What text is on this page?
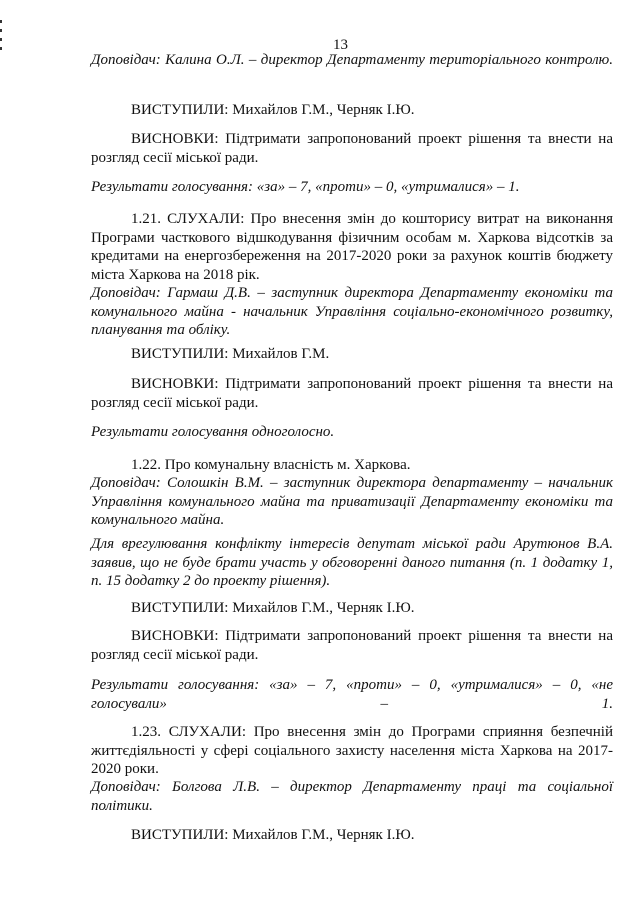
13

Доповідач: Калина О.Л. – директор Департаменту територіального контролю.

ВИСТУПИЛИ: Михайлов Г.М., Черняк І.Ю.

ВИСНОВКИ: Підтримати запропонований проект рішення та внести на розгляд сесії міської ради.

Результати голосування: «за» – 7, «проти» – 0, «утрималися» – 1.

1.21. СЛУХАЛИ: Про внесення змін до кошторису витрат на виконання Програми часткового відшкодування фізичним особам м. Харкова відсотків за кредитами на енергозбереження на 2017-2020 роки за рахунок коштів бюджету міста Харкова на 2018 рік.

Доповідач: Гармаш Д.В. – заступник директора Департаменту економіки та комунального майна - начальник Управління соціально-економічного розвитку, планування та обліку.

ВИСТУПИЛИ: Михайлов Г.М.

ВИСНОВКИ: Підтримати запропонований проект рішення та внести на розгляд сесії міської ради.

Результати голосування одноголосно.

1.22. Про комунальну власність м. Харкова.

Доповідач: Солошкін В.М. – заступник директора департаменту – начальник Управління комунального майна та приватизації Департаменту економіки та комунального майна.

Для врегулювання конфлікту інтересів депутат міської ради Арутюнов В.А. заявив, що не буде брати участь у обговоренні даного питання (п. 1 додатку 1, п. 15 додатку 2 до проекту рішення).

ВИСТУПИЛИ: Михайлов Г.М., Черняк І.Ю.

ВИСНОВКИ: Підтримати запропонований проект рішення та внести на розгляд сесії міської ради.

Результати голосування: «за» – 7, «проти» – 0, «утрималися» – 0, «не голосували» – 1.

1.23. СЛУХАЛИ: Про внесення змін до Програми сприяння безпечній життєдіяльності у сфері соціального захисту населення міста Харкова на 2017-2020 роки.

Доповідач: Болгова Л.В. – директор Департаменту праці та соціальної політики.

ВИСТУПИЛИ: Михайлов Г.М., Черняк І.Ю.
